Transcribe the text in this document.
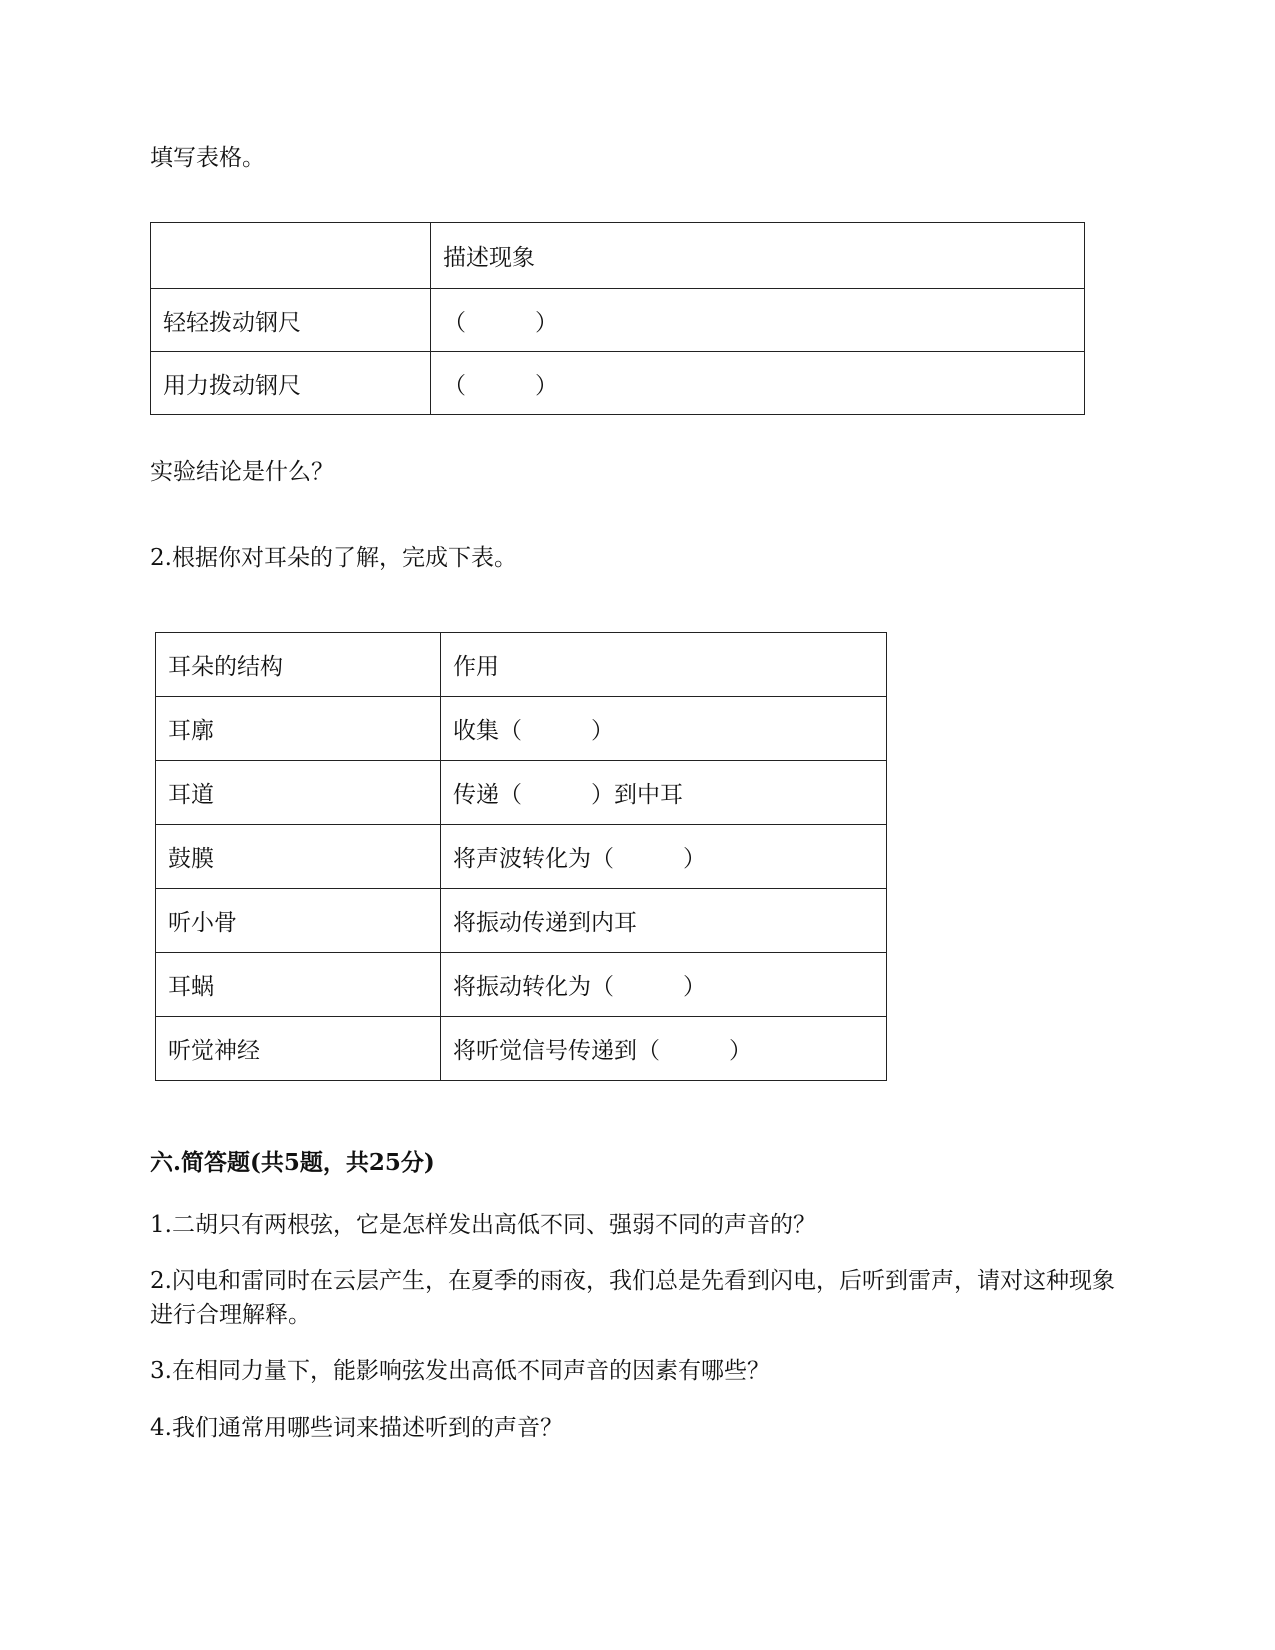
填写表格。

	描述现象
轻轻拨动钢尺	（　　　）
用力拨动钢尺	（　　　）

实验结论是什么？

2.根据你对耳朵的了解，完成下表。

耳朵的结构	作用
耳廓	收集（　　　）
耳道	传递（　　　）到中耳
鼓膜	将声波转化为（　　　）
听小骨	将振动传递到内耳
耳蜗	将振动转化为（　　　）
听觉神经	将听觉信号传递到（　　　）

六.简答题(共5题，共25分)

1.二胡只有两根弦，它是怎样发出高低不同、强弱不同的声音的？

2.闪电和雷同时在云层产生，在夏季的雨夜，我们总是先看到闪电，后听到雷声，请对这种现象进行合理解释。

3.在相同力量下，能影响弦发出高低不同声音的因素有哪些？

4.我们通常用哪些词来描述听到的声音？
